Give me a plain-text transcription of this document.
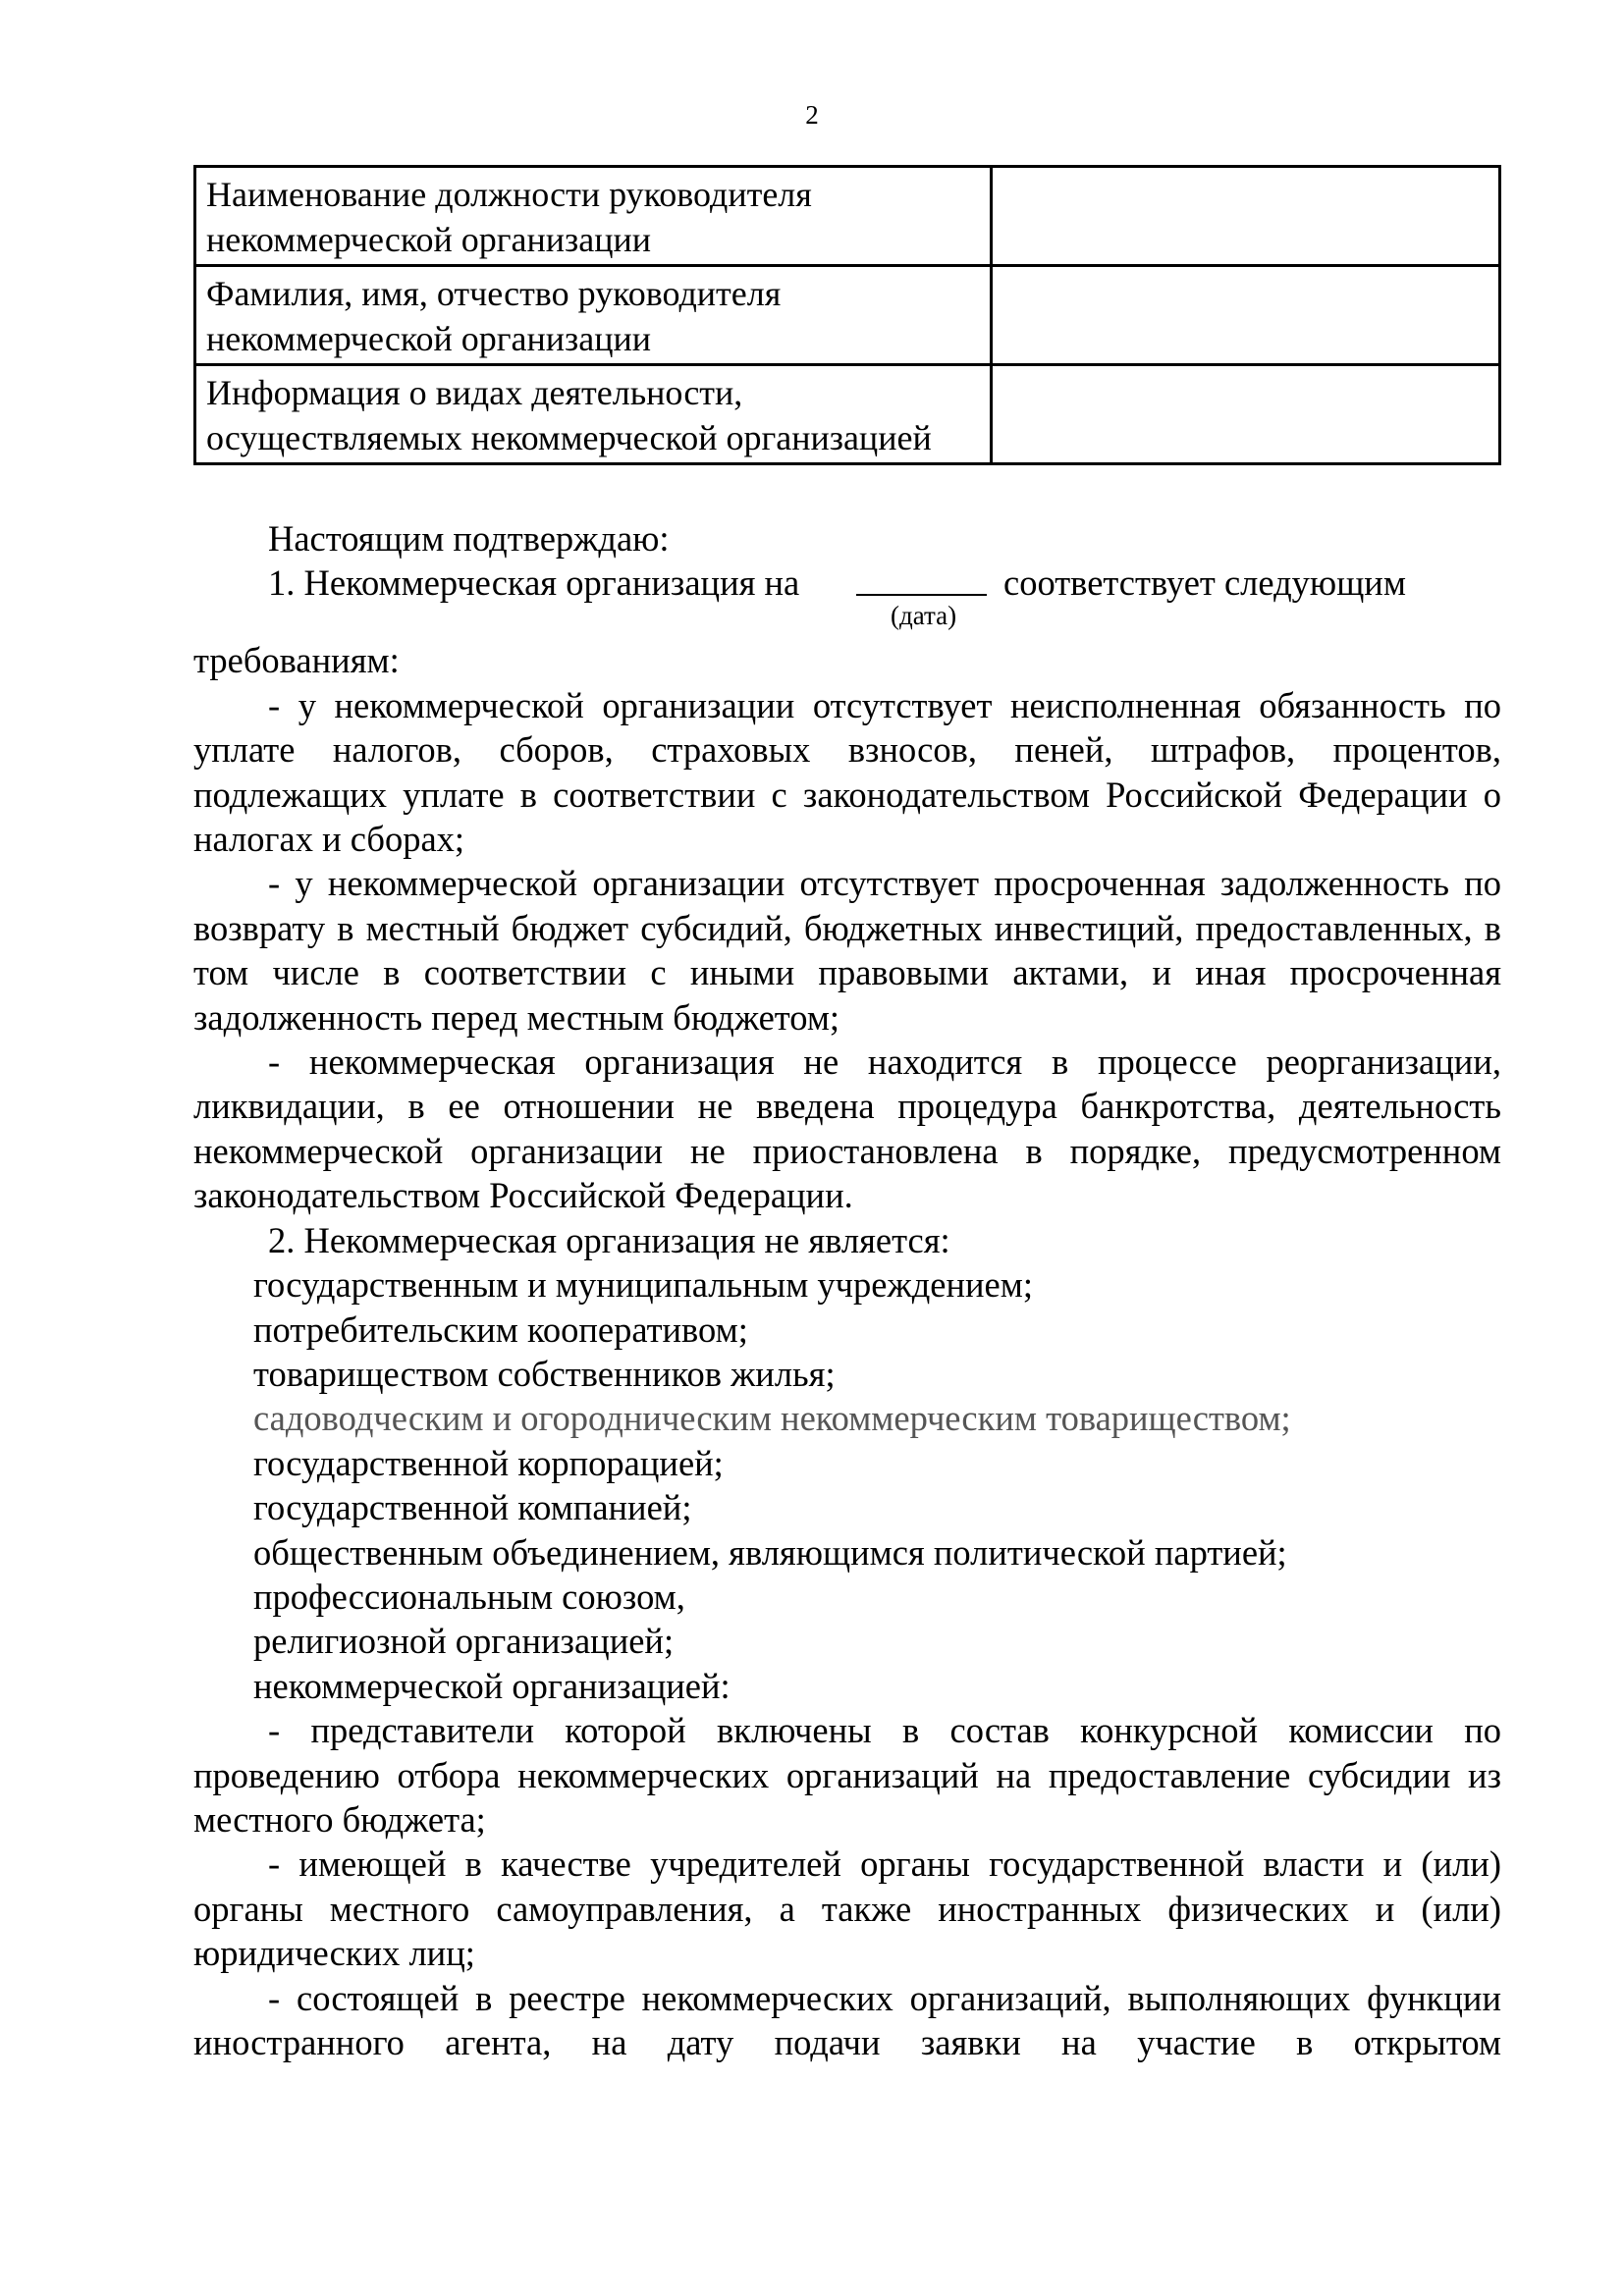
2
Наименование должности руководителя некоммерческой организации	
Фамилия, имя, отчество руководителя некоммерческой организации	
Информация о видах деятельности, осуществляемых некоммерческой организацией	

Настоящим подтверждаю:

1. Некоммерческая организация на	соответствует следующим
(дата)

требованиям:

- у некоммерческой организации отсутствует неисполненная обязанность по уплате налогов, сборов, страховых взносов, пеней, штрафов, процентов, подлежащих уплате в соответствии с законодательством Российской Федерации о налогах и сборах;

- у некоммерческой организации отсутствует просроченная задолженность по возврату в местный бюджет субсидий, бюджетных инвестиций, предоставленных, в том числе в соответствии с иными правовыми актами, и иная просроченная задолженность перед местным бюджетом;

- некоммерческая организация не находится в процессе реорганизации, ликвидации, в ее отношении не введена процедура банкротства, деятельность некоммерческой организации не приостановлена в порядке, предусмотренном законодательством Российской Федерации.

2. Некоммерческая организация не является:

государственным и муниципальным учреждением;

потребительским кооперативом;

товариществом собственников жилья;

садоводческим и огородническим некоммерческим товариществом;

государственной корпорацией;

государственной компанией;

общественным объединением, являющимся политической партией;

профессиональным союзом,

религиозной организацией;

некоммерческой организацией:

- представители которой включены в состав конкурсной комиссии по проведению отбора некоммерческих организаций на предоставление субсидии из местного бюджета;

- имеющей в качестве учредителей органы государственной власти и (или) органы местного самоуправления, а также иностранных физических и (или) юридических лиц;

- состоящей в реестре некоммерческих организаций, выполняющих функции иностранного агента, на дату подачи заявки на участие в открытом
